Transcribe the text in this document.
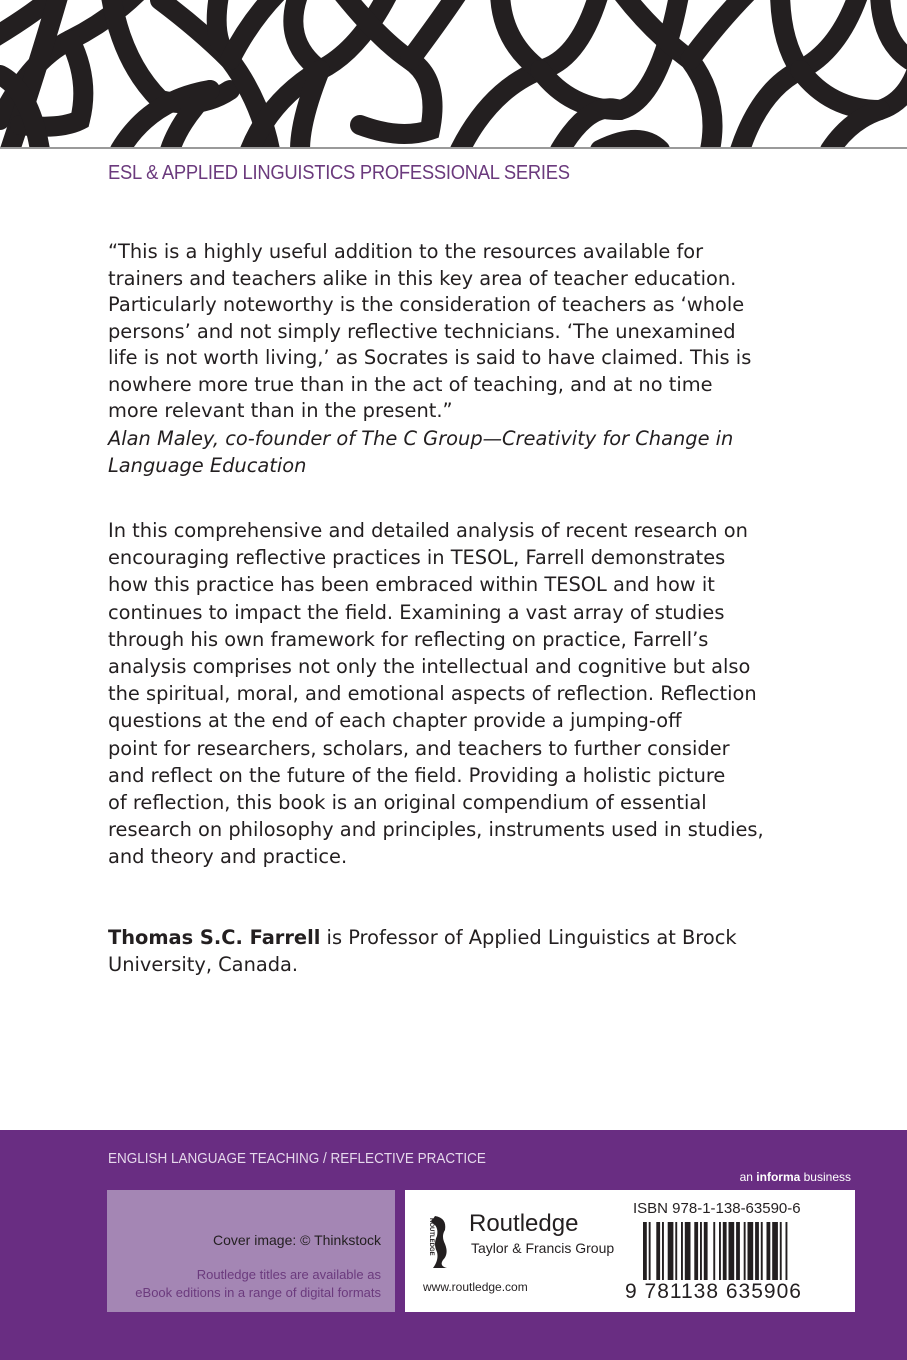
ESL & APPLIED LINGUISTICS PROFESSIONAL SERIES
“This is a highly useful addition to the resources available for
trainers and teachers alike in this key area of teacher education.
Particularly noteworthy is the consideration of teachers as ‘whole
persons’ and not simply reflective technicians. ‘The unexamined
life is not worth living,’ as Socrates is said to have claimed. This is
nowhere more true than in the act of teaching, and at no time
more relevant than in the present.”
Alan Maley, co-founder of The C Group—Creativity for Change in
Language Education
In this comprehensive and detailed analysis of recent research on
encouraging reflective practices in TESOL, Farrell demonstrates
how this practice has been embraced within TESOL and how it
continues to impact the field. Examining a vast array of studies
through his own framework for reflecting on practice, Farrell’s
analysis comprises not only the intellectual and cognitive but also
the spiritual, moral, and emotional aspects of reflection. Reflection
questions at the end of each chapter provide a jumping-off
point for researchers, scholars, and teachers to further consider
and reflect on the future of the field. Providing a holistic picture
of reflection, this book is an original compendium of essential
research on philosophy and principles, instruments used in studies,
and theory and practice.
Thomas S.C. Farrell is Professor of Applied Linguistics at Brock
University, Canada.
ENGLISH LANGUAGE TEACHING / REFLECTIVE PRACTICE
an informa business
Cover image: © Thinkstock
Routledge titles are available as
eBook editions in a range of digital formats
ROUTLEDGE Routledge
Taylor & Francis Group
www.routledge.com
ISBN 978-1-138-63590-6
9 781138 635906
